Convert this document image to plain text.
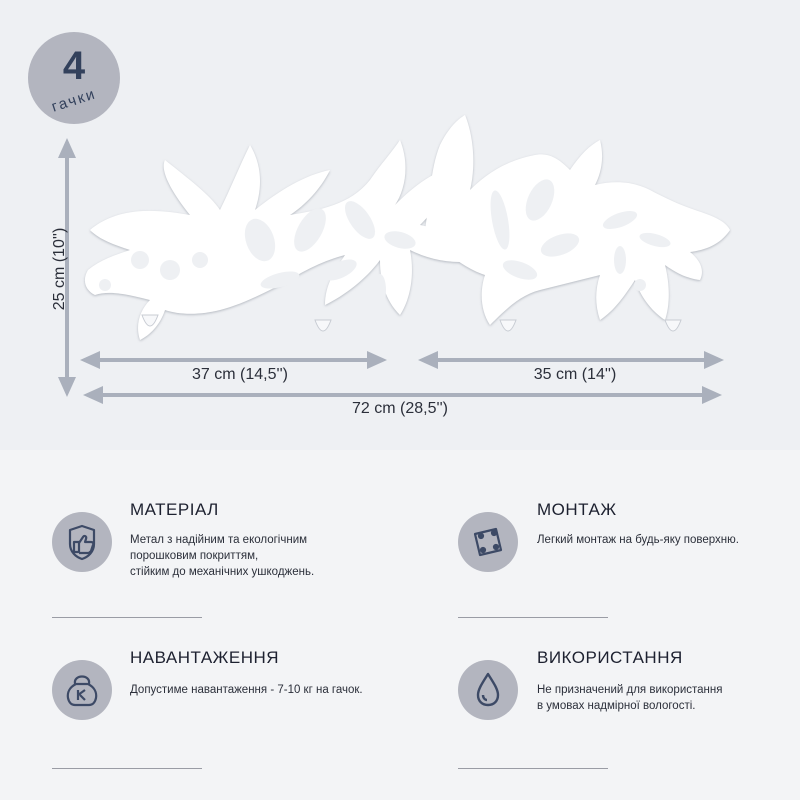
4
гачки
25 cm (10'')
37 cm (14,5'')	35 cm (14'')
72 cm (28,5'')
МАТЕРІАЛ
Метал з надійним та екологічним
порошковим покриттям,
стійким до механічних ушкоджень.
МОНТАЖ
Легкий монтаж на будь-яку поверхню.
НАВАНТАЖЕННЯ
Допустиме навантаження - 7-10 кг на гачок.
ВИКОРИСТАННЯ
Не призначений для використання
в умовах надмірної вологості.
